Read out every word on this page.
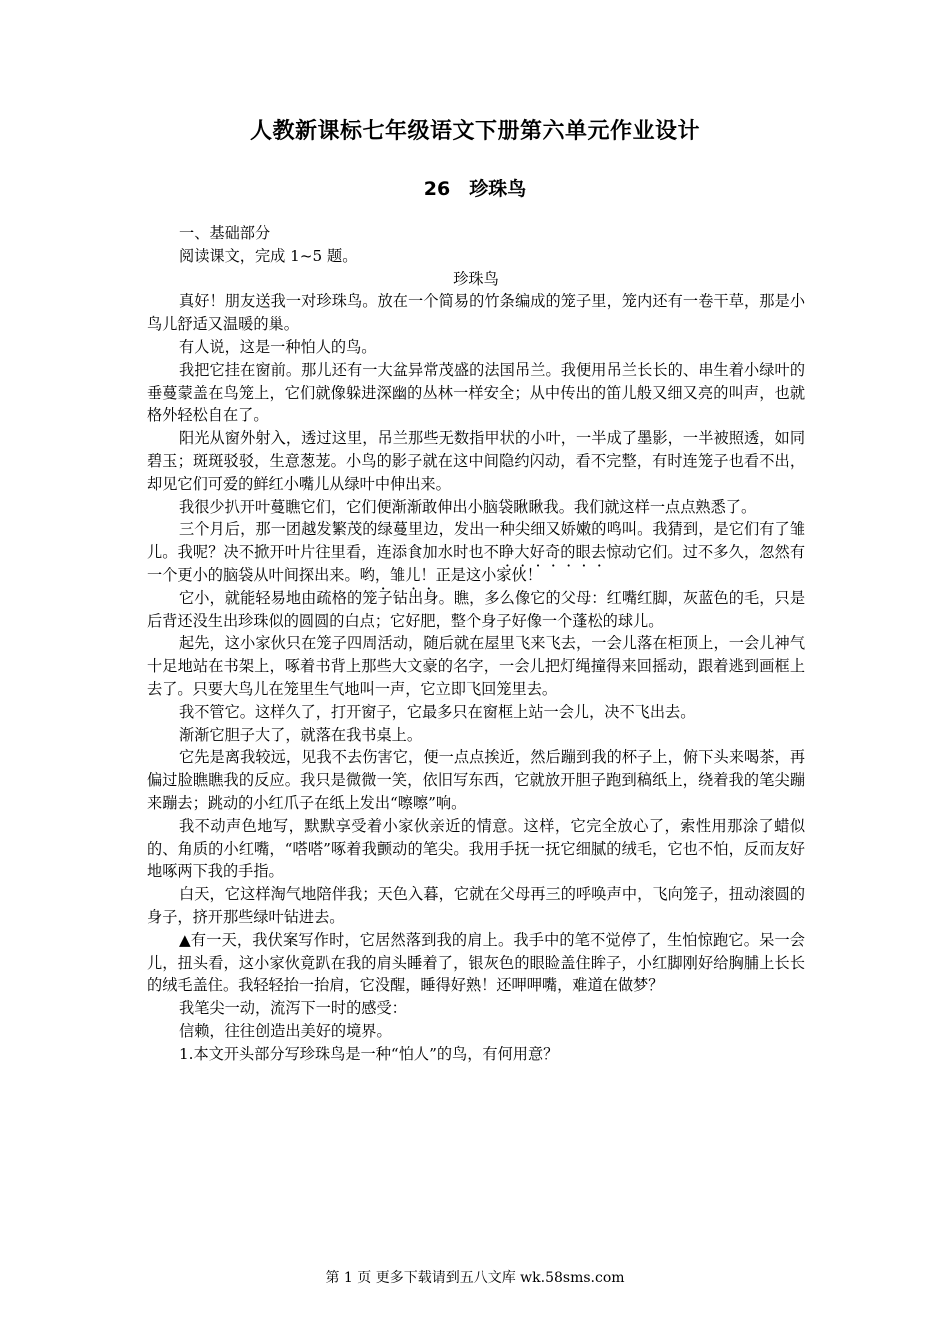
人教新课标七年级语文下册第六单元作业设计
26　珍珠鸟

一、基础部分

阅读课文，完成 1~5 题。

珍珠鸟

真好！朋友送我一对珍珠鸟。放在一个简易的竹条编成的笼子里，笼内还有一卷干草，那是小鸟儿舒适又温暖的巢。

有人说，这是一种怕人的鸟。

我把它挂在窗前。那儿还有一大盆异常茂盛的法国吊兰。我便用吊兰长长的、串生着小绿叶的垂蔓蒙盖在鸟笼上，它们就像躲进深幽的丛林一样安全；从中传出的笛儿般又细又亮的叫声，也就格外轻松自在了。

阳光从窗外射入，透过这里，吊兰那些无数指甲状的小叶，一半成了墨影，一半被照透，如同碧玉；斑斑驳驳，生意葱茏。小鸟的影子就在这中间隐约闪动，看不完整，有时连笼子也看不出，却见它们可爱的鲜红小嘴儿从绿叶中伸出来。

我很少扒开叶蔓瞧它们，它们便渐渐敢伸出小脑袋瞅瞅我。我们就这样一点点熟悉了。

三个月后，那一团越发繁茂的绿蔓里边，发出一种尖细又娇嫩的鸣叫。我猜到，是它们有了雏儿。我呢？决不掀开叶片往里看，连添食加水时也不睁大好奇的眼去惊动它们。过不多久，忽然有一个更小的脑袋从叶间探出来。哟，雏儿！正是这小家伙！

它小，就能轻易地由疏格的笼子钻出身。瞧，多么像它的父母：红嘴红脚，灰蓝色的毛，只是后背还没生出珍珠似的圆圆的白点；它好肥，整个身子好像一个蓬松的球儿。

起先，这小家伙只在笼子四周活动，随后就在屋里飞来飞去，一会儿落在柜顶上，一会儿神气十足地站在书架上，啄着书背上那些大文豪的名字，一会儿把灯绳撞得来回摇动，跟着逃到画框上去了。只要大鸟儿在笼里生气地叫一声，它立即飞回笼里去。

我不管它。这样久了，打开窗子，它最多只在窗框上站一会儿，决不飞出去。

渐渐它胆子大了，就落在我书桌上。

它先是离我较远，见我不去伤害它，便一点点挨近，然后蹦到我的杯子上，俯下头来喝茶，再偏过脸瞧瞧我的反应。我只是微微一笑，依旧写东西，它就放开胆子跑到稿纸上，绕着我的笔尖蹦来蹦去；跳动的小红爪子在纸上发出“嚓嚓”响。

我不动声色地写，默默享受着小家伙亲近的情意。这样，它完全放心了，索性用那涂了蜡似的、角质的小红嘴，“嗒嗒”啄着我颤动的笔尖。我用手抚一抚它细腻的绒毛，它也不怕，反而友好地啄两下我的手指。

白天，它这样淘气地陪伴我；天色入暮，它就在父母再三的呼唤声中，飞向笼子，扭动滚圆的身子，挤开那些绿叶钻进去。

▲有一天，我伏案写作时，它居然落到我的肩上。我手中的笔不觉停了，生怕惊跑它。呆一会儿，扭头看，这小家伙竟趴在我的肩头睡着了，银灰色的眼睑盖住眸子，小红脚刚好给胸脯上长长的绒毛盖住。我轻轻抬一抬肩，它没醒，睡得好熟！还呷呷嘴，难道在做梦？

我笔尖一动，流泻下一时的感受：

信赖，往往创造出美好的境界。

1.本文开头部分写珍珠鸟是一种“怕人”的鸟，有何用意？

第 1 页 更多下载请到五八文库 wk.58sms.com
